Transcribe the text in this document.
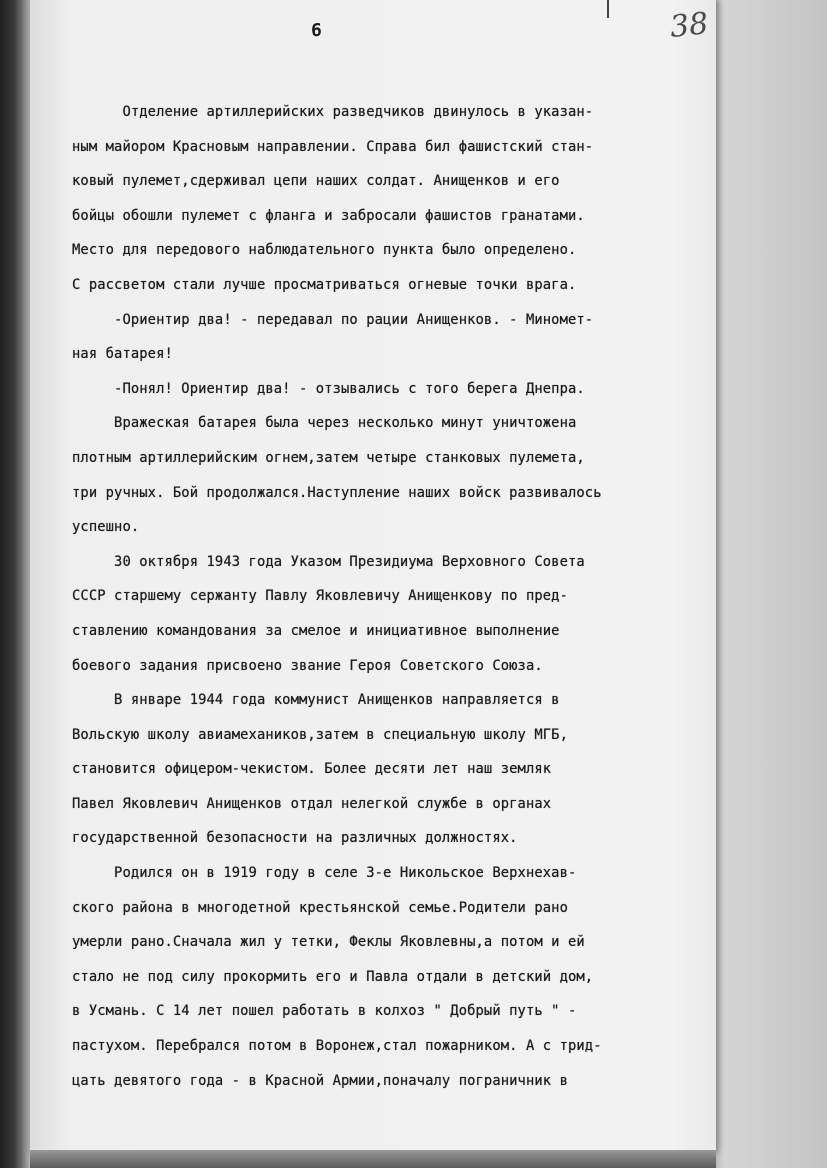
6	38
Отделение артиллерийских разведчиков двинулось в указан-
ным майором Красновым направлении. Справа бил фашистский стан-
ковый пулемет,сдерживал цепи наших солдат. Анищенков и его
бойцы обошли пулемет с фланга и забросали фашистов гранатами.
Место для передового наблюдательного пункта было определено.
С рассветом стали лучше просматриваться огневые точки врага.
-Ориентир два! - передавал по рации Анищенков. - Миномет-
ная батарея!
-Понял! Ориентир два! - отзывались с того берега Днепра.
Вражеская батарея была через несколько минут уничтожена
плотным артиллерийским огнем,затем четыре станковых пулемета,
три ручных. Бой продолжался.Наступление наших войск развивалось
успешно.
30 октября 1943 года Указом Президиума Верховного Совета
СССР старшему сержанту Павлу Яковлевичу Анищенкову по пред-
ставлению командования за смелое и инициативное выполнение
боевого задания присвоено звание Героя Советского Союза.
В январе 1944 года коммунист Анищенков направляется в
Вольскую школу авиамехаников,затем в специальную школу МГБ,
становится офицером-чекистом. Более десяти лет наш земляк
Павел Яковлевич Анищенков отдал нелегкой службе в органах
государственной безопасности на различных должностях.
Родился он в 1919 году в селе 3-е Никольское Верхнехав-
ского района в многодетной крестьянской семье.Родители рано
умерли рано.Сначала жил у тетки, Феклы Яковлевны,а потом и ей
стало не под силу прокормить его и Павла отдали в детский дом,
в Усмань. С 14 лет пошел работать в колхоз " Добрый путь " -
пастухом. Перебрался потом в Воронеж,стал пожарником. А с трид-
цать девятого года - в Красной Армии,поначалу пограничник в
